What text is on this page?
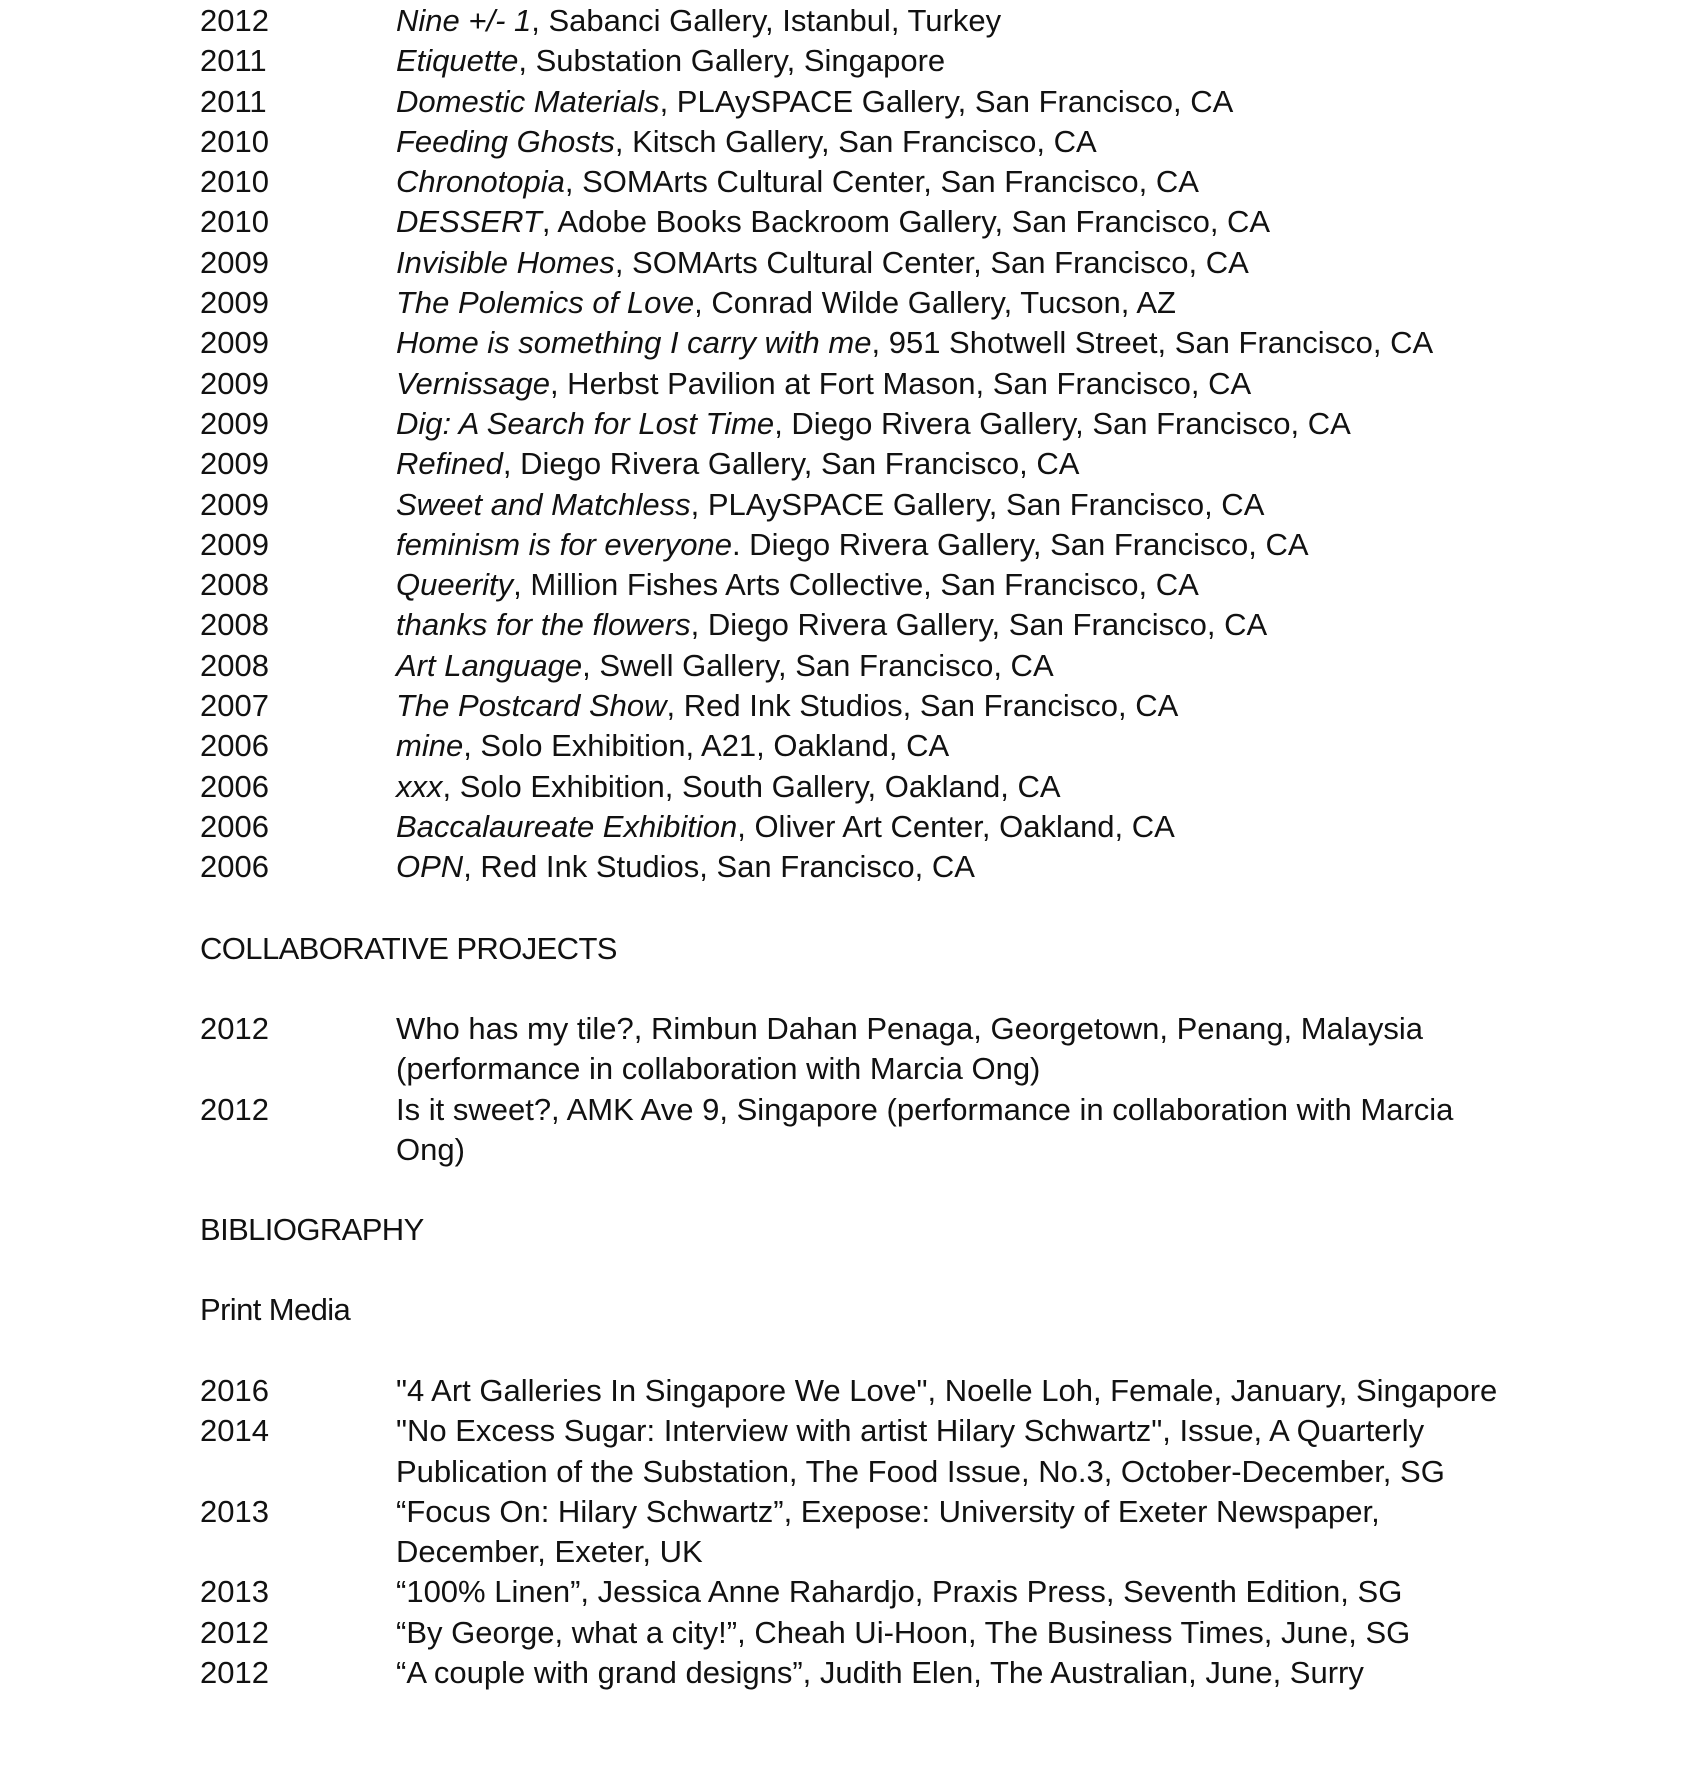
2012	Nine +/- 1, Sabanci Gallery, Istanbul, Turkey
2011	Etiquette, Substation Gallery, Singapore
2011	Domestic Materials, PLAySPACE Gallery, San Francisco, CA
2010	Feeding Ghosts, Kitsch Gallery, San Francisco, CA
2010	Chronotopia, SOMArts Cultural Center, San Francisco, CA
2010	DESSERT, Adobe Books Backroom Gallery, San Francisco, CA
2009	Invisible Homes, SOMArts Cultural Center, San Francisco, CA
2009	The Polemics of Love, Conrad Wilde Gallery, Tucson, AZ
2009	Home is something I carry with me, 951 Shotwell Street, San Francisco, CA
2009	Vernissage, Herbst Pavilion at Fort Mason, San Francisco, CA
2009	Dig: A Search for Lost Time, Diego Rivera Gallery, San Francisco, CA
2009	Refined, Diego Rivera Gallery, San Francisco, CA
2009	Sweet and Matchless, PLAySPACE Gallery, San Francisco, CA
2009	feminism is for everyone. Diego Rivera Gallery, San Francisco, CA
2008	Queerity, Million Fishes Arts Collective, San Francisco, CA
2008	thanks for the flowers, Diego Rivera Gallery, San Francisco, CA
2008	Art Language, Swell Gallery, San Francisco, CA
2007	The Postcard Show, Red Ink Studios, San Francisco, CA
2006	mine, Solo Exhibition, A21, Oakland, CA
2006	xxx, Solo Exhibition, South Gallery, Oakland, CA
2006	Baccalaureate Exhibition, Oliver Art Center, Oakland, CA
2006	OPN, Red Ink Studios, San Francisco, CA
COLLABORATIVE PROJECTS
2012	Who has my tile?, Rimbun Dahan Penaga, Georgetown, Penang, Malaysia (performance in collaboration with Marcia Ong)
2012	Is it sweet?, AMK Ave 9, Singapore (performance in collaboration with Marcia Ong)
BIBLIOGRAPHY
Print Media
2016	"4 Art Galleries In Singapore We Love", Noelle Loh, Female, January, Singapore
2014	"No Excess Sugar: Interview with artist Hilary Schwartz", Issue, A Quarterly Publication of the Substation, The Food Issue, No.3, October-December, SG
2013	“Focus On: Hilary Schwartz”, Exepose: University of Exeter Newspaper, December, Exeter, UK
2013	“100% Linen”, Jessica Anne Rahardjo, Praxis Press, Seventh Edition, SG
2012	“By George, what a city!”, Cheah Ui-Hoon, The Business Times, June, SG
2012	“A couple with grand designs”, Judith Elen, The Australian, June, Surry
